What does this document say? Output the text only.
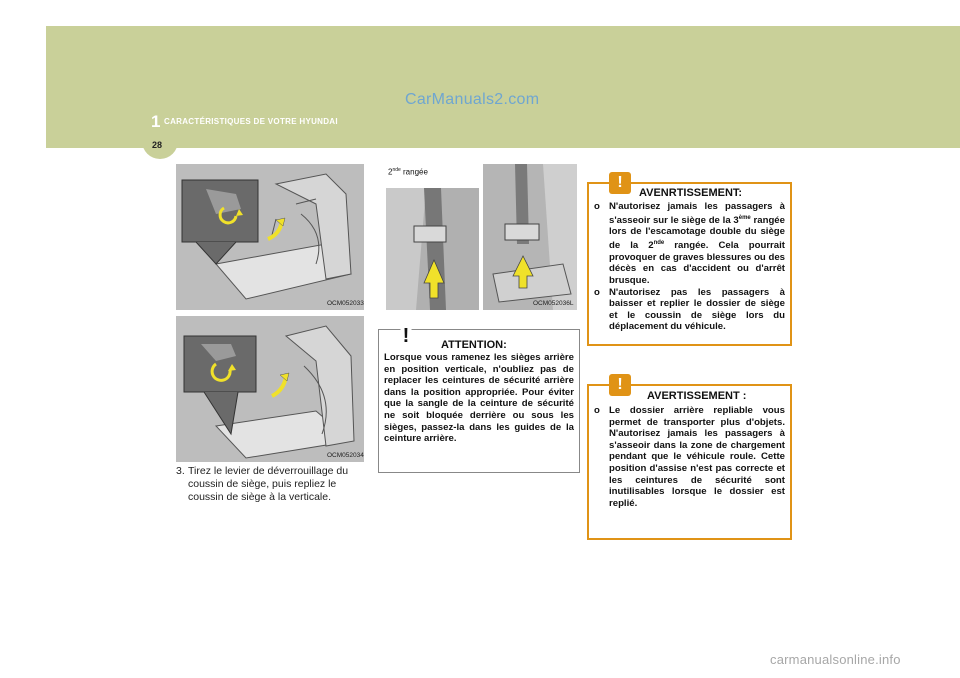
1 CARACTÉRISTIQUES DE VOTRE HYUNDAI
CarManuals2.com
28
OCM052033
OCM052034
3. Tirez le levier de déverrouillage du coussin de siège, puis repliez le coussin de siège à la verticale.
2nde rangée

OCM052036L
!	ATTENTION:
Lorsque vous ramenez les sièges arrière en position verticale, n'oubliez pas de replacer les ceintures de sécurité arrière dans la position appropriée. Pour éviter que la sangle de la ceinture de sécurité ne soit bloquée derrière ou sous les sièges, passez-la dans les guides de la ceinture arrière.
!
AVENRTISSEMENT:

o N'autorisez jamais les passagers à s'asseoir sur le siège de la 3ème rangée lors de l'escamotage double du siège de la 2nde rangée. Cela pourrait provoquer de graves blessures ou des décès en cas d'accident ou d'arrêt brusque.

o N'autorisez pas les passagers à baisser et replier le dossier de siège et le coussin de siège lors du déplacement du véhicule.

!
AVERTISSEMENT :

o Le dossier arrière repliable vous permet de transporter plus d'objets. N'autorisez jamais les passagers à s'asseoir dans la zone de chargement pendant que le véhicule roule. Cette position d'assise n'est pas correcte et les ceintures de sécurité sont inutilisables lorsque le dossier est replié.

carmanualsonline.info
